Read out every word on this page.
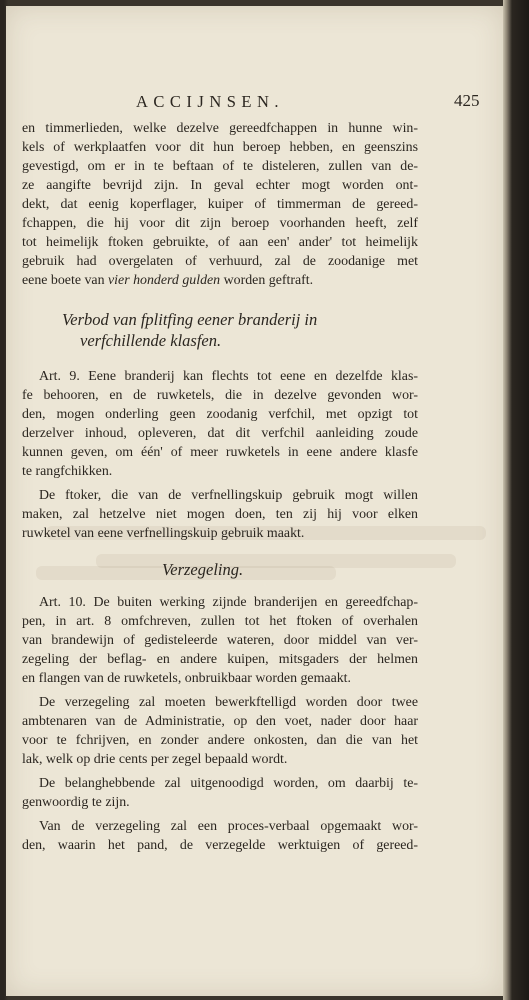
ACCIJNSEN.	425

en timmerlieden, welke dezelve gereedfchappen in hunne win-
kels of werkplaatfen voor dit hun beroep hebben, en geenszins
gevestigd, om er in te beftaan of te disteleren, zullen van de-
ze aangifte bevrijd zijn. In geval echter mogt worden ont-
dekt, dat eenig koperflager, kuiper of timmerman de gereed-
fchappen, die hij voor dit zijn beroep voorhanden heeft, zelf
tot heimelijk ftoken gebruikte, of aan een' ander' tot heimelijk
gebruik had overgelaten of verhuurd, zal de zoodanige met

eene boete van vier honderd gulden worden geftraft.

Verbod van fplitfing eener branderij in
verfchillende klasfen.

Art. 9. Eene branderij kan flechts tot eene en dezelfde klas-
fe behooren, en de ruwketels, die in dezelve gevonden wor-
den, mogen onderling geen zoodanig verfchil, met opzigt tot
derzelver inhoud, opleveren, dat dit verfchil aanleiding zoude
kunnen geven, om één' of meer ruwketels in eene andere klasfe
te rangfchikken.

De ftoker, die van de verfnellingskuip gebruik mogt willen
maken, zal hetzelve niet mogen doen, ten zij hij voor elken
ruwketel van eene verfnellingskuip gebruik maakt.

Verzegeling.

Art. 10. De buiten werking zijnde branderijen en gereedfchap-
pen, in art. 8 omfchreven, zullen tot het ftoken of overhalen
van brandewijn of gedisteleerde wateren, door middel van ver-
zegeling der beflag- en andere kuipen, mitsgaders der helmen
en flangen van de ruwketels, onbruikbaar worden gemaakt.

De verzegeling zal moeten bewerkftelligd worden door twee
ambtenaren van de Administratie, op den voet, nader door haar
voor te fchrijven, en zonder andere onkosten, dan die van het
lak, welk op drie cents per zegel bepaald wordt.

De belanghebbende zal uitgenoodigd worden, om daarbij te-
genwoordig te zijn.

Van de verzegeling zal een proces-verbaal opgemaakt wor-
den, waarin het pand, de verzegelde werktuigen of gereed-
